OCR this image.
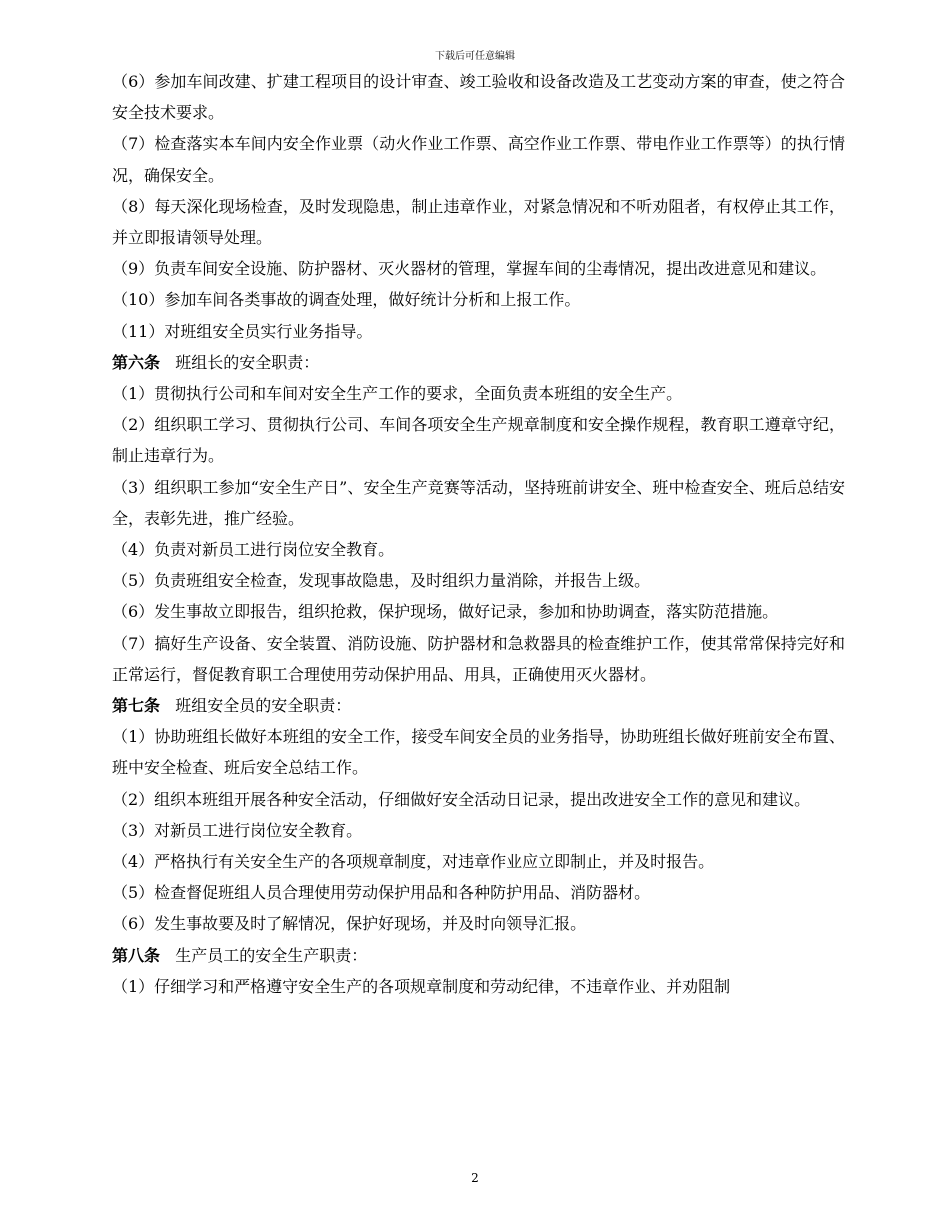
下载后可任意编辑

（6）参加车间改建、扩建工程项目的设计审查、竣工验收和设备改造及工艺变动方案的审查，使之符合安全技术要求。

（7）检查落实本车间内安全作业票（动火作业工作票、高空作业工作票、带电作业工作票等）的执行情况，确保安全。

（8）每天深化现场检查，及时发现隐患，制止违章作业，对紧急情况和不听劝阻者，有权停止其工作，并立即报请领导处理。

（9）负责车间安全设施、防护器材、灭火器材的管理，掌握车间的尘毒情况，提出改进意见和建议。

（10）参加车间各类事故的调查处理，做好统计分析和上报工作。

（11）对班组安全员实行业务指导。

第六条 班组长的安全职责：

（1）贯彻执行公司和车间对安全生产工作的要求，全面负责本班组的安全生产。

（2）组织职工学习、贯彻执行公司、车间各项安全生产规章制度和安全操作规程，教育职工遵章守纪，制止违章行为。

（3）组织职工参加“安全生产日”、安全生产竞赛等活动，坚持班前讲安全、班中检查安全、班后总结安全，表彰先进，推广经验。

（4）负责对新员工进行岗位安全教育。

（5）负责班组安全检查，发现事故隐患，及时组织力量消除，并报告上级。

（6）发生事故立即报告，组织抢救，保护现场，做好记录，参加和协助调查，落实防范措施。

（7）搞好生产设备、安全装置、消防设施、防护器材和急救器具的检查维护工作，使其常常保持完好和正常运行，督促教育职工合理使用劳动保护用品、用具，正确使用灭火器材。

第七条 班组安全员的安全职责：

（1）协助班组长做好本班组的安全工作，接受车间安全员的业务指导，协助班组长做好班前安全布置、班中安全检查、班后安全总结工作。

（2）组织本班组开展各种安全活动，仔细做好安全活动日记录，提出改进安全工作的意见和建议。

（3）对新员工进行岗位安全教育。

（4）严格执行有关安全生产的各项规章制度，对违章作业应立即制止，并及时报告。

（5）检查督促班组人员合理使用劳动保护用品和各种防护用品、消防器材。

（6）发生事故要及时了解情况，保护好现场，并及时向领导汇报。

第八条 生产员工的安全生产职责：

（1）仔细学习和严格遵守安全生产的各项规章制度和劳动纪律，不违章作业、并劝阻制

2
